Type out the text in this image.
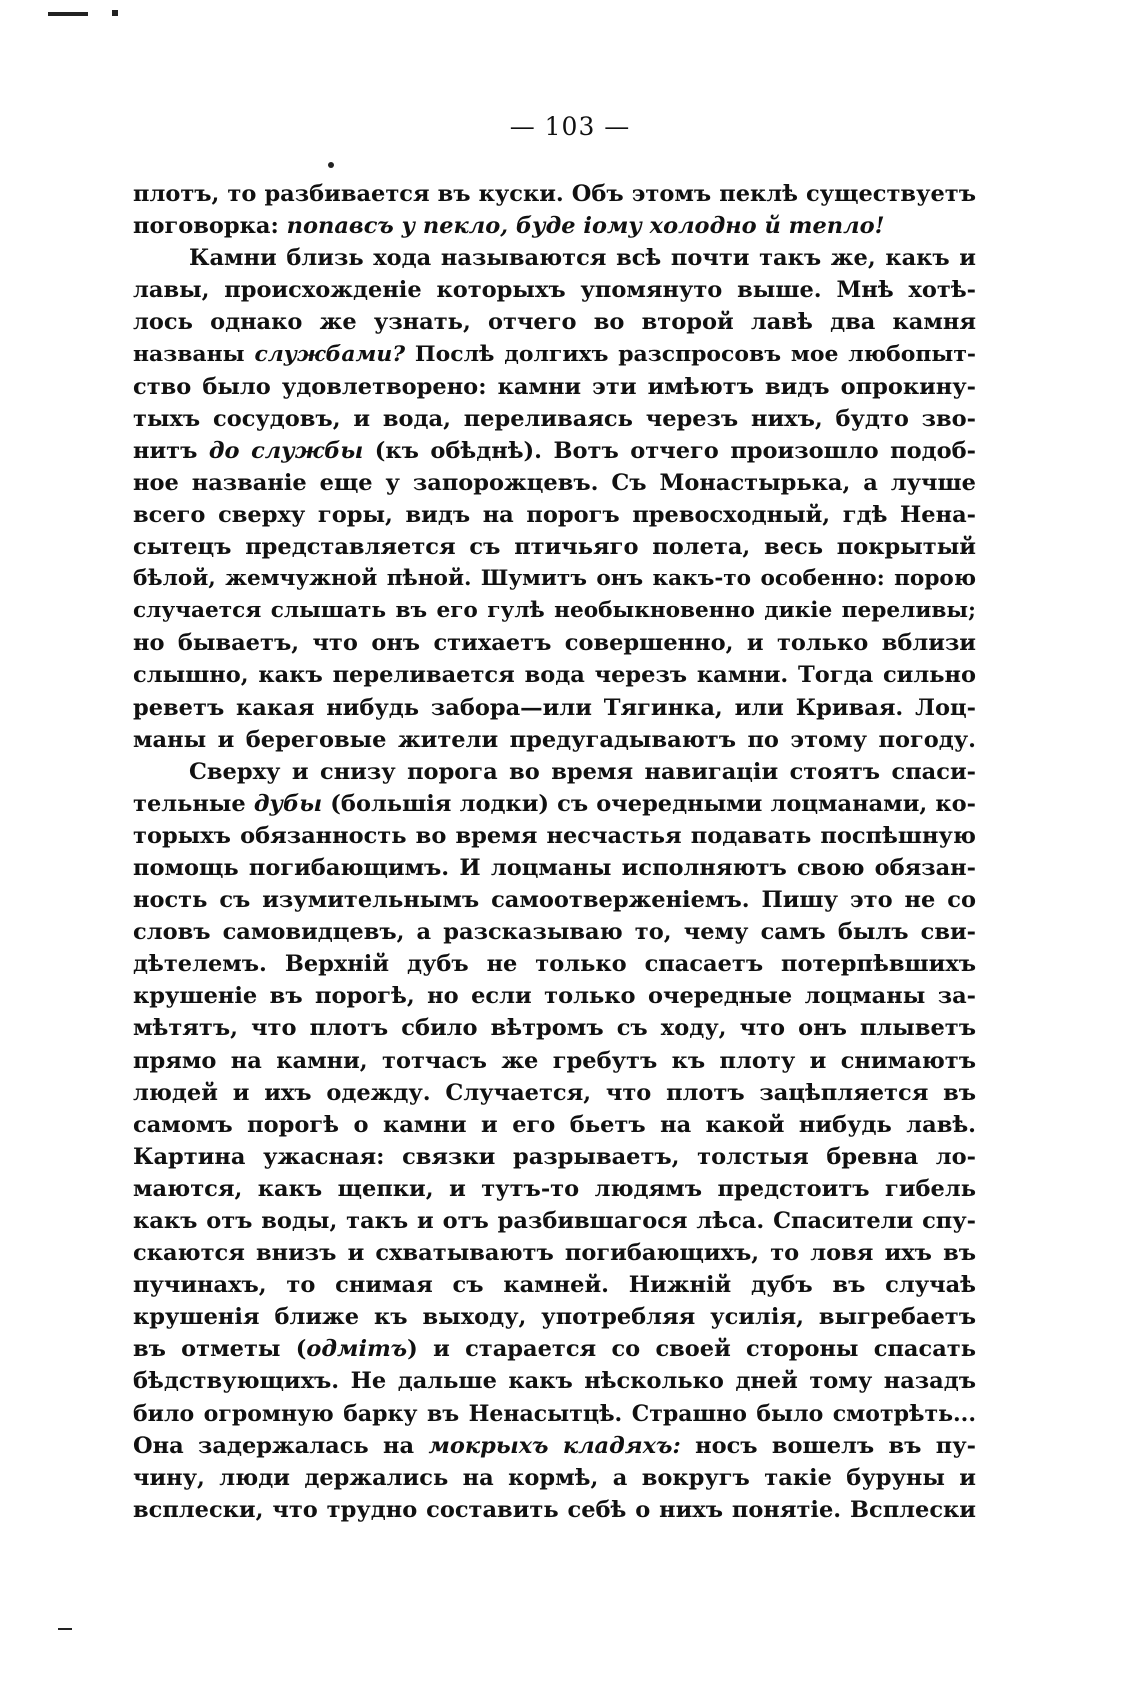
— 103 —
плотъ, то разбивается въ куски. Объ этомъ пеклѣ существуетъ
поговорка: попавсъ у пекло, буде іому холодно й тепло!
Камни близь хода называются всѣ почти такъ же, какъ и
лавы, происхожденіе которыхъ упомянуто выше. Мнѣ хотѣ-
лось однако же узнать, отчего во второй лавѣ два камня
названы службами? Послѣ долгихъ разспросовъ мое любопыт-
ство было удовлетворено: камни эти имѣютъ видъ опрокину-
тыхъ сосудовъ, и вода, переливаясь черезъ нихъ, будто зво-
нитъ до службы (къ обѣднѣ). Вотъ отчего произошло подоб-
ное названіе еще у запорожцевъ. Съ Монастырька, а лучше
всего сверху горы, видъ на порогъ превосходный, гдѣ Нена-
сытецъ представляется съ птичьяго полета, весь покрытый
бѣлой, жемчужной пѣной. Шумитъ онъ какъ-то особенно: порою
случается слышать въ его гулѣ необыкновенно дикіе переливы;
но бываетъ, что онъ стихаетъ совершенно, и только вблизи
слышно, какъ переливается вода черезъ камни. Тогда сильно
реветъ какая нибудь забора—или Тягинка, или Кривая. Лоц-
маны и береговые жители предугадываютъ по этому погоду.
Сверху и снизу порога во время навигаціи стоятъ спаси-
тельные дубы (большія лодки) съ очередными лоцманами, ко-
торыхъ обязанность во время несчастья подавать поспѣшную
помощь погибающимъ. И лоцманы исполняютъ свою обязан-
ность съ изумительнымъ самоотверженіемъ. Пишу это не со
словъ самовидцевъ, а разсказываю то, чему самъ былъ сви-
дѣтелемъ. Верхній дубъ не только спасаетъ потерпѣвшихъ
крушеніе въ порогѣ, но если только очередные лоцманы за-
мѣтятъ, что плотъ сбило вѣтромъ съ ходу, что онъ плыветъ
прямо на камни, тотчасъ же гребутъ къ плоту и снимаютъ
людей и ихъ одежду. Случается, что плотъ зацѣпляется въ
самомъ порогѣ о камни и его бьетъ на какой нибудь лавѣ.
Картина ужасная: связки разрываетъ, толстыя бревна ло-
маются, какъ щепки, и тутъ-то людямъ предстоитъ гибель
какъ отъ воды, такъ и отъ разбившагося лѣса. Спасители спу-
скаются внизъ и схватываютъ погибающихъ, то ловя ихъ въ
пучинахъ, то снимая съ камней. Нижній дубъ въ случаѣ
крушенія ближе къ выходу, употребляя усилія, выгребаетъ
въ отметы (одмітъ) и старается со своей стороны спасать
бѣдствующихъ. Не дальше какъ нѣсколько дней тому назадъ
било огромную барку въ Ненасытцѣ. Страшно было смотрѣть...
Она задержалась на мокрыхъ кладяхъ: носъ вошелъ въ пу-
чину, люди держались на кормѣ, а вокругъ такіе буруны и
всплески, что трудно составить себѣ о нихъ понятіе. Всплески
